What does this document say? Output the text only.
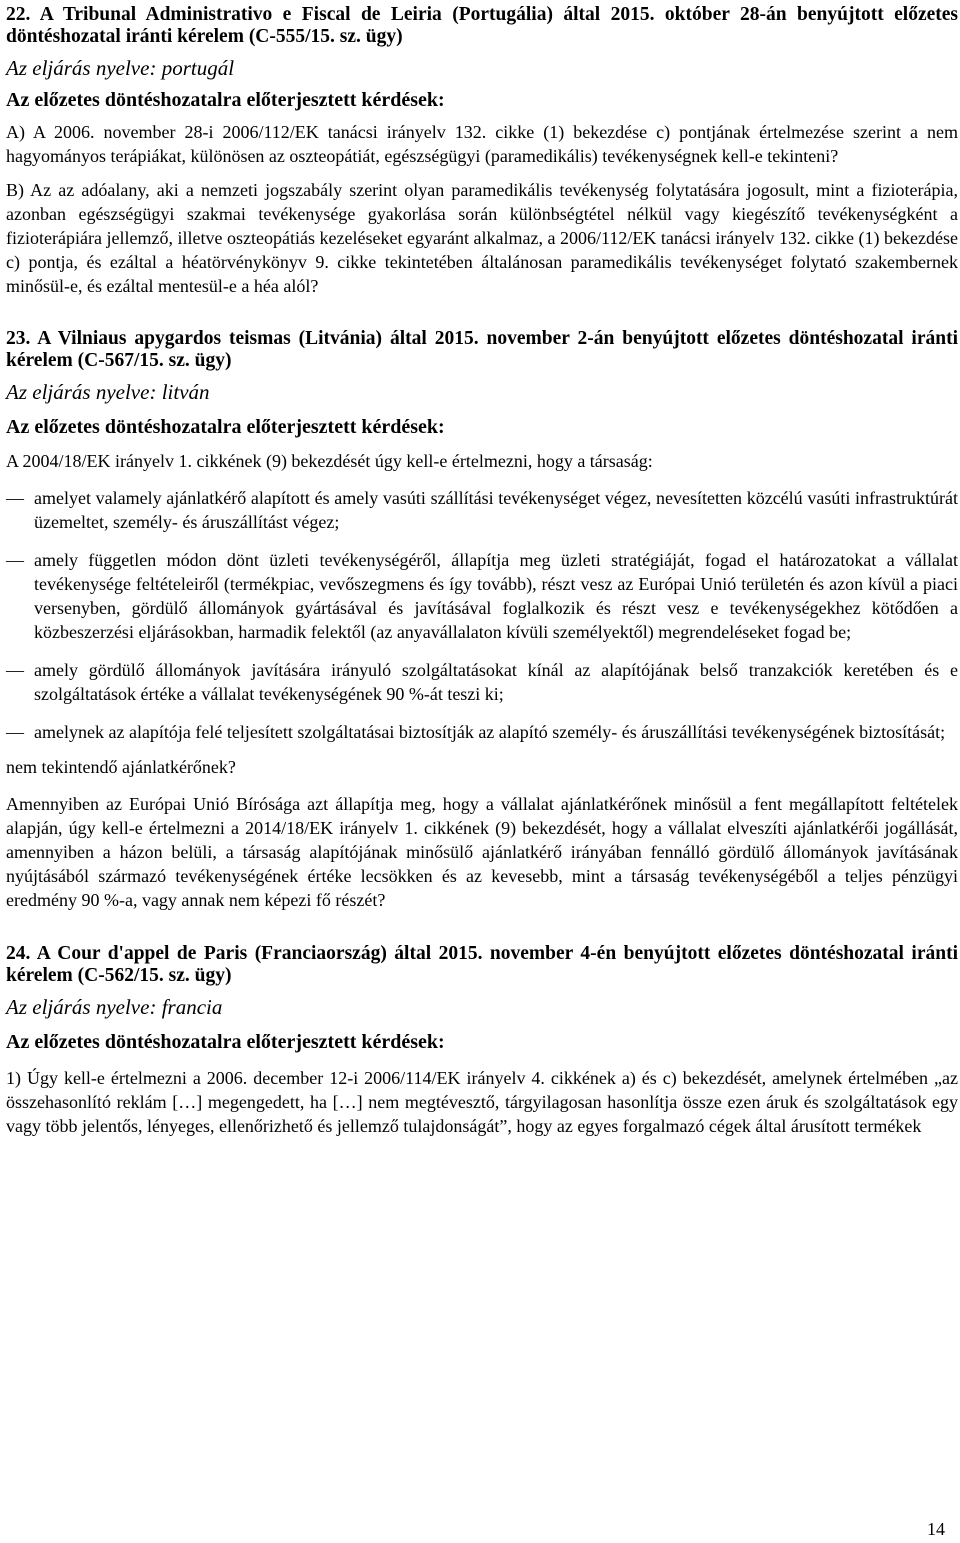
22. A Tribunal Administrativo e Fiscal de Leiria (Portugália) által 2015. október 28-án benyújtott előzetes döntéshozatal iránti kérelem (C-555/15. sz. ügy)

Az eljárás nyelve: portugál

Az előzetes döntéshozatalra előterjesztett kérdések:

A) A 2006. november 28-i 2006/112/EK tanácsi irányelv 132. cikke (1) bekezdése c) pontjának értelmezése szerint a nem hagyományos terápiákat, különösen az oszteopátiát, egészségügyi (paramedikális) tevékenységnek kell-e tekinteni?

B) Az az adóalany, aki a nemzeti jogszabály szerint olyan paramedikális tevékenység folytatására jogosult, mint a fizioterápia, azonban egészségügyi szakmai tevékenysége gyakorlása során különbségtétel nélkül vagy kiegészítő tevékenységként a fizioterápiára jellemző, illetve oszteopátiás kezeléseket egyaránt alkalmaz, a 2006/112/EK tanácsi irányelv 132. cikke (1) bekezdése c) pontja, és ezáltal a héatörvénykönyv 9. cikke tekintetében általánosan paramedikális tevékenységet folytató szakembernek minősül-e, és ezáltal mentesül-e a héa alól?

23. A Vilniaus apygardos teismas (Litvánia) által 2015. november 2-án benyújtott előzetes döntéshozatal iránti kérelem (C-567/15. sz. ügy)

Az eljárás nyelve: litván

Az előzetes döntéshozatalra előterjesztett kérdések:

A 2004/18/EK irányelv 1. cikkének (9) bekezdését úgy kell-e értelmezni, hogy a társaság:

— amelyet valamely ajánlatkérő alapított és amely vasúti szállítási tevékenységet végez, nevesítetten közcélú vasúti infrastruktúrát üzemeltet, személy- és áruszállítást végez;

— amely független módon dönt üzleti tevékenységéről, állapítja meg üzleti stratégiáját, fogad el határozatokat a vállalat tevékenysége feltételeiről (termékpiac, vevőszegmens és így tovább), részt vesz az Európai Unió területén és azon kívül a piaci versenyben, gördülő állományok gyártásával és javításával foglalkozik és részt vesz e tevékenységekhez kötődően a közbeszerzési eljárásokban, harmadik felektől (az anyavállalaton kívüli személyektől) megrendeléseket fogad be;

— amely gördülő állományok javítására irányuló szolgáltatásokat kínál az alapítójának belső tranzakciók keretében és e szolgáltatások értéke a vállalat tevékenységének 90 %-át teszi ki;

— amelynek az alapítója felé teljesített szolgáltatásai biztosítják az alapító személy- és áruszállítási tevékenységének biztosítását;

nem tekintendő ajánlatkérőnek?

Amennyiben az Európai Unió Bírósága azt állapítja meg, hogy a vállalat ajánlatkérőnek minősül a fent megállapított feltételek alapján, úgy kell-e értelmezni a 2014/18/EK irányelv 1. cikkének (9) bekezdését, hogy a vállalat elveszíti ajánlatkérői jogállását, amennyiben a házon belüli, a társaság alapítójának minősülő ajánlatkérő irányában fennálló gördülő állományok javításának nyújtásából származó tevékenységének értéke lecsökken és az kevesebb, mint a társaság tevékenységéből a teljes pénzügyi eredmény 90 %-a, vagy annak nem képezi fő részét?

24. A Cour d'appel de Paris (Franciaország) által 2015. november 4-én benyújtott előzetes döntéshozatal iránti kérelem (C-562/15. sz. ügy)

Az eljárás nyelve: francia

Az előzetes döntéshozatalra előterjesztett kérdések:

1) Úgy kell-e értelmezni a 2006. december 12-i 2006/114/EK irányelv 4. cikkének a) és c) bekezdését, amelynek értelmében „az összehasonlító reklám […] megengedett, ha […] nem megtévesztő, tárgyilagosan hasonlítja össze ezen áruk és szolgáltatások egy vagy több jelentős, lényeges, ellenőrizhető és jellemző tulajdonságát”, hogy az egyes forgalmazó cégek által árusított termékek

14
